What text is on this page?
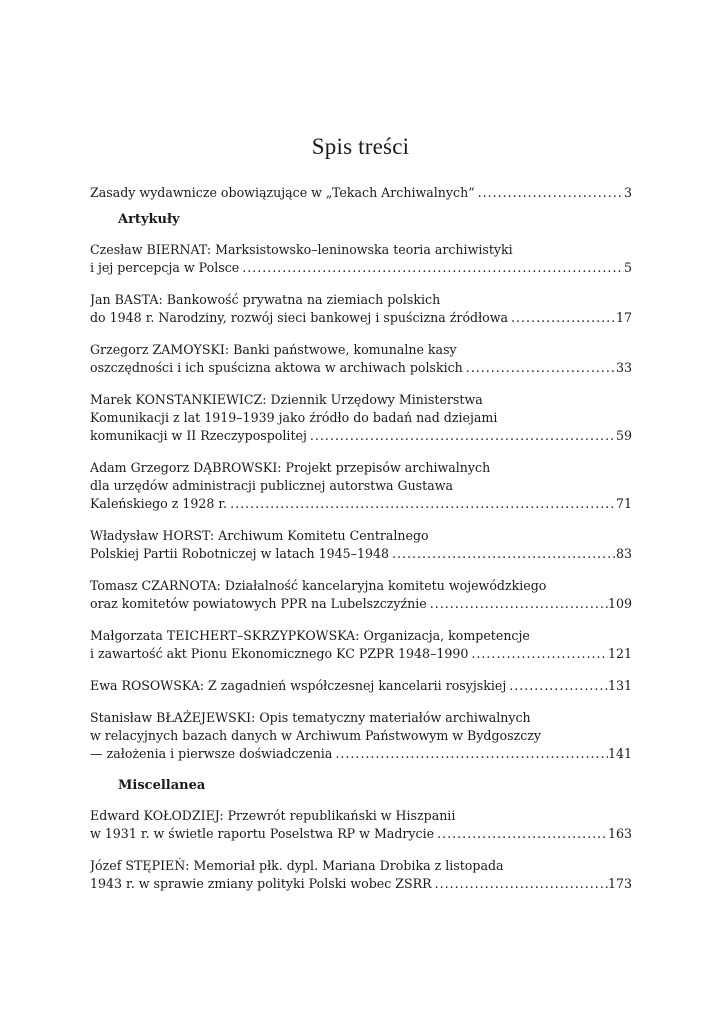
Spis treści
Zasady wydawnicze obowiązujące w „Tekach Archiwalnych” .....	3
Artykuły
Czesław BIERNAT: Marksistowsko–leninowska teoria archiwistyki
i jej percepcja w Polsce .....	5
Jan BASTA: Bankowość prywatna na ziemiach polskich
do 1948 r. Narodziny, rozwój sieci bankowej i spuścizna źródłowa .....	17
Grzegorz ZAMOYSKI: Banki państwowe, komunalne kasy
oszczędności i ich spuścizna aktowa w archiwach polskich .....	33
Marek KONSTANKIEWICZ: Dziennik Urzędowy Ministerstwa
Komunikacji z lat 1919–1939 jako źródło do badań nad dziejami
komunikacji w II Rzeczypospolitej .....	59
Adam Grzegorz DĄBROWSKI: Projekt przepisów archiwalnych
dla urzędów administracji publicznej autorstwa Gustawa
Kaleńskiego z 1928 r. .....	71
Władysław HORST: Archiwum Komitetu Centralnego
Polskiej Partii Robotniczej w latach 1945–1948 .....	83
Tomasz CZARNOTA: Działalność kancelaryjna komitetu wojewódzkiego
oraz komitetów powiatowych PPR na Lubelszczyźnie .....	109
Małgorzata TEICHERT–SKRZYPKOWSKA: Organizacja, kompetencje
i zawartość akt Pionu Ekonomicznego KC PZPR 1948–1990 .....	121
Ewa ROSOWSKA: Z zagadnień współczesnej kancelarii rosyjskiej .....	131
Stanisław BŁAŻEJEWSKI: Opis tematyczny materiałów archiwalnych
w relacyjnych bazach danych w Archiwum Państwowym w Bydgoszczy
— założenia i pierwsze doświadczenia .....	141
Miscellanea
Edward KOŁODZIEJ: Przewrót republikański w Hiszpanii
w 1931 r. w świetle raportu Poselstwa RP w Madrycie .....	163
Józef STĘPIEŃ: Memoriał płk. dypl. Mariana Drobika z listopada
1943 r. w sprawie zmiany polityki Polski wobec ZSRR .....	173
